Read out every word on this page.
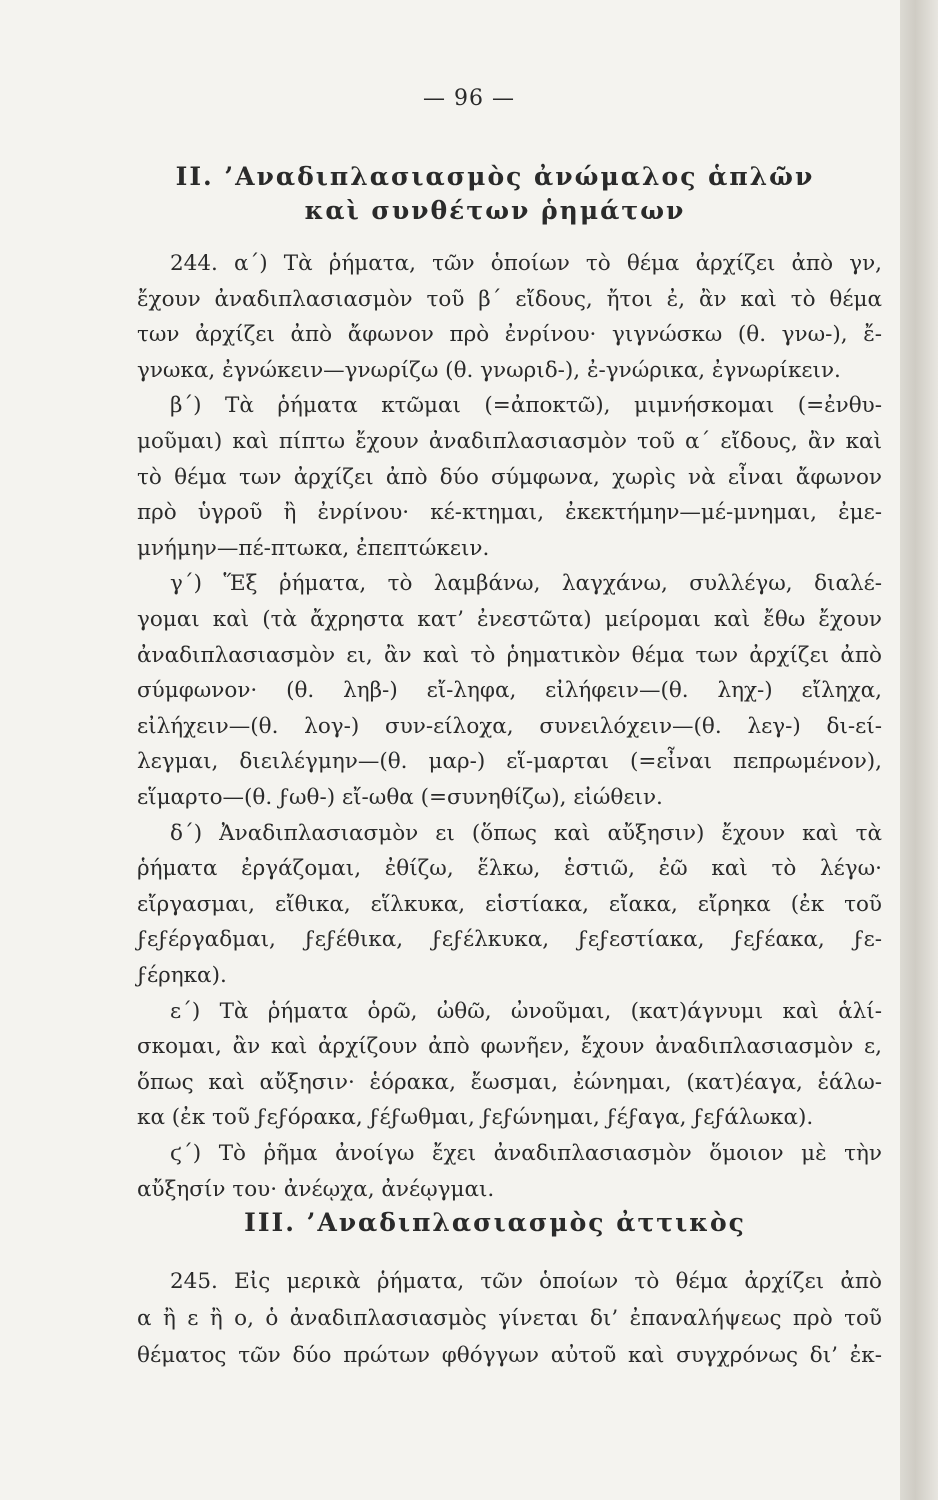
— 96 —
II. ’Αναδιπλασιασμὸς ἀνώμαλος ἁπλῶν
καὶ συνθέτων ῥημάτων
244. α΄) Τὰ ῥήματα, τῶν ὁποίων τὸ θέμα ἀρχίζει ἀπὸ γν,
ἔχουν ἀναδιπλασιασμὸν τοῦ β΄ εἴδους, ἤτοι ἐ, ἂν καὶ τὸ θέμα
των ἀρχίζει ἀπὸ ἄφωνον πρὸ ἐνρίνου· γιγνώσκω (θ. γνω-), ἔ-
γνωκα, ἐγνώκειν—γνωρίζω (θ. γνωριδ-), ἐ-γνώρικα, ἐγνωρίκειν.
β΄) Τὰ ῥήματα κτῶμαι (=ἀποκτῶ), μιμνήσκομαι (=ἐνθυ-
μοῦμαι) καὶ πίπτω ἔχουν ἀναδιπλασιασμὸν τοῦ α΄ εἴδους, ἂν καὶ
τὸ θέμα των ἀρχίζει ἀπὸ δύο σύμφωνα, χωρὶς νὰ εἶναι ἄφωνον
πρὸ ὑγροῦ ἢ ἐνρίνου· κέ-κτημαι, ἐκεκτήμην—μέ-μνημαι, ἐμε-
μνήμην—πέ-πτωκα, ἐπεπτώκειν.
γ΄) Ἕξ ῥήματα, τὸ λαμβάνω, λαγχάνω, συλλέγω, διαλέ-
γομαι καὶ (τὰ ἄχρηστα κατ’ ἐνεστῶτα) μείρομαι καὶ ἔθω ἔχουν
ἀναδιπλασιασμὸν ει, ἂν καὶ τὸ ῥηματικὸν θέμα των ἀρχίζει ἀπὸ
σύμφωνον· (θ. ληβ-) εἴ-ληφα, εἰλήφειν—(θ. ληχ-) εἴληχα,
εἰλήχειν—(θ. λογ-) συν-είλοχα, συνειλόχειν—(θ. λεγ-) δι-εί-
λεγμαι, διειλέγμην—(θ. μαρ-) εἵ-μαρται (=εἶναι πεπρωμένον),
εἵμαρτο—(θ. ϝωθ-) εἴ-ωθα (=συνηθίζω), εἰώθειν.
δ΄) Ἀναδιπλασιασμὸν ει (ὅπως καὶ αὔξησιν) ἔχουν καὶ τὰ
ῥήματα ἐργάζομαι, ἐθίζω, ἕλκω, ἑστιῶ, ἐῶ καὶ τὸ λέγω·
εἴργασμαι, εἴθικα, εἵλκυκα, εἱστίακα, εἴακα, εἴρηκα (ἐκ τοῦ
ϝεϝέργαδμαι, ϝεϝέθικα, ϝεϝέλκυκα, ϝεϝεστίακα, ϝεϝέακα, ϝε-
ϝέρηκα).
ε΄) Τὰ ῥήματα ὁρῶ, ὠθῶ, ὠνοῦμαι, (κατ)άγνυμι καὶ ἁλί-
σκομαι, ἂν καὶ ἀρχίζουν ἀπὸ φωνῆεν, ἔχουν ἀναδιπλασιασμὸν ε,
ὅπως καὶ αὔξησιν· ἑόρακα, ἔωσμαι, ἐώνημαι, (κατ)έαγα, ἑάλω-
κα (ἐκ τοῦ ϝεϝόρακα, ϝέϝωθμαι, ϝεϝώνημαι, ϝέϝαγα, ϝεϝάλωκα).
ϛ΄) Τὸ ῥῆμα ἀνοίγω ἔχει ἀναδιπλασιασμὸν ὅμοιον μὲ τὴν
αὔξησίν του· ἀνέῳχα, ἀνέῳγμαι.
III. ’Αναδιπλασιασμὸς ἀττικὸς
245. Εἰς μερικὰ ῥήματα, τῶν ὁποίων τὸ θέμα ἀρχίζει ἀπὸ
α ἢ ε ἢ ο, ὁ ἀναδιπλασιασμὸς γίνεται δι’ ἐπαναλήψεως πρὸ τοῦ
θέματος τῶν δύο πρώτων φθόγγων αὐτοῦ καὶ συγχρόνως δι’ ἐκ-
